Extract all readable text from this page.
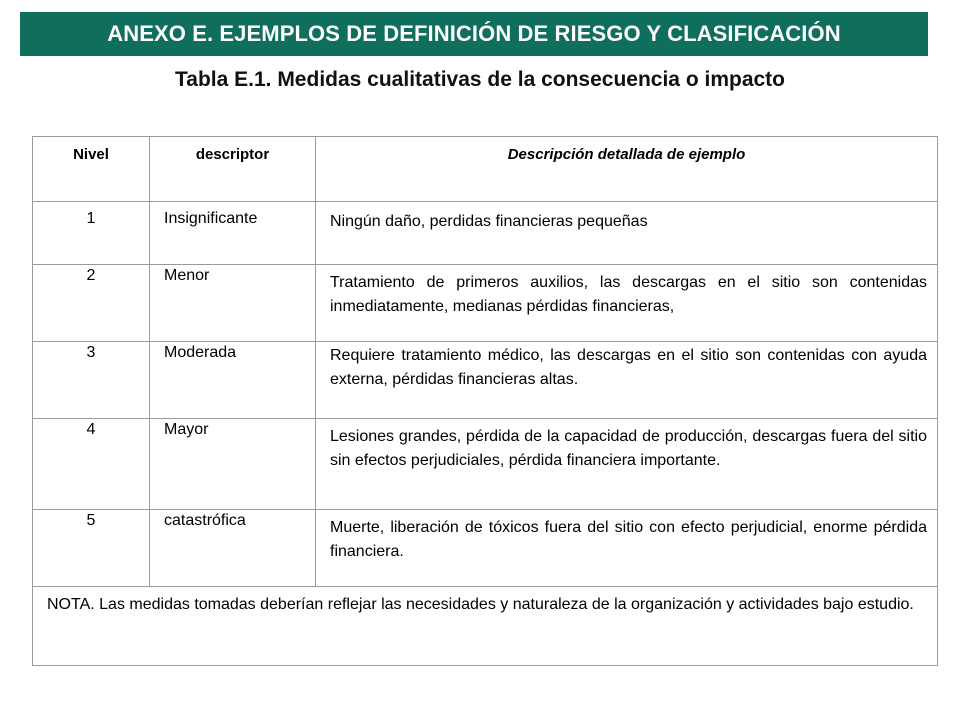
ANEXO E. EJEMPLOS DE DEFINICIÓN DE RIESGO Y CLASIFICACIÓN
Tabla E.1. Medidas cualitativas de la consecuencia o impacto
Nivel	descriptor	Descripción detallada de ejemplo

1	Insignificante	Ningún daño, perdidas financieras pequeñas

2	Menor	Tratamiento de primeros auxilios, las descargas en el sitio son contenidas inmediatamente, medianas pérdidas financieras,

3	Moderada	Requiere tratamiento médico, las descargas en el sitio son contenidas con ayuda externa, pérdidas financieras altas.

4	Mayor	Lesiones grandes, pérdida de la capacidad de producción, descargas fuera del sitio sin efectos perjudiciales, pérdida financiera importante.

5	catastrófica	Muerte, liberación de tóxicos fuera del sitio con efecto perjudicial, enorme pérdida financiera.

NOTA. Las medidas tomadas deberían reflejar las necesidades y naturaleza de la organización y actividades bajo estudio.		
